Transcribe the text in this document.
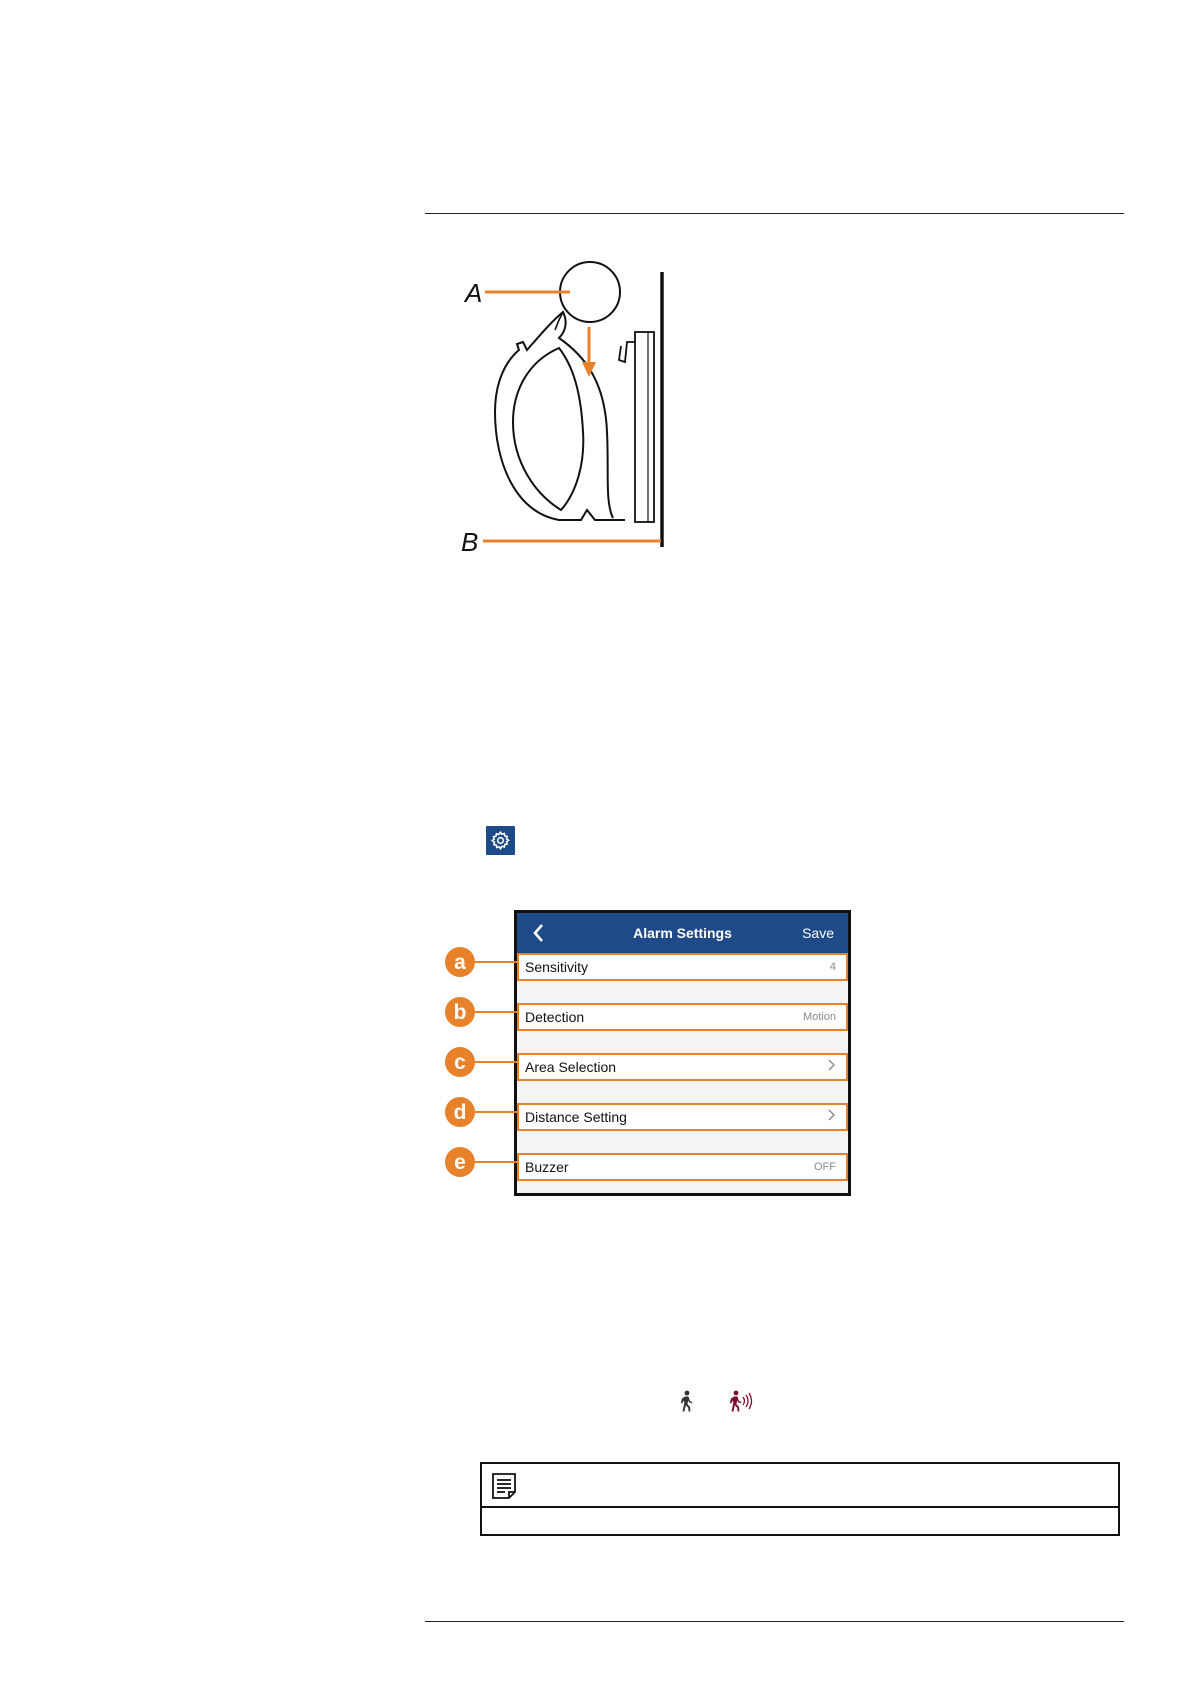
A
B
Alarm Settings	Save
Sensitivity	4
Detection	Motion
Area Selection
Distance Setting
Buzzer	OFF
a
b
c
d
e
